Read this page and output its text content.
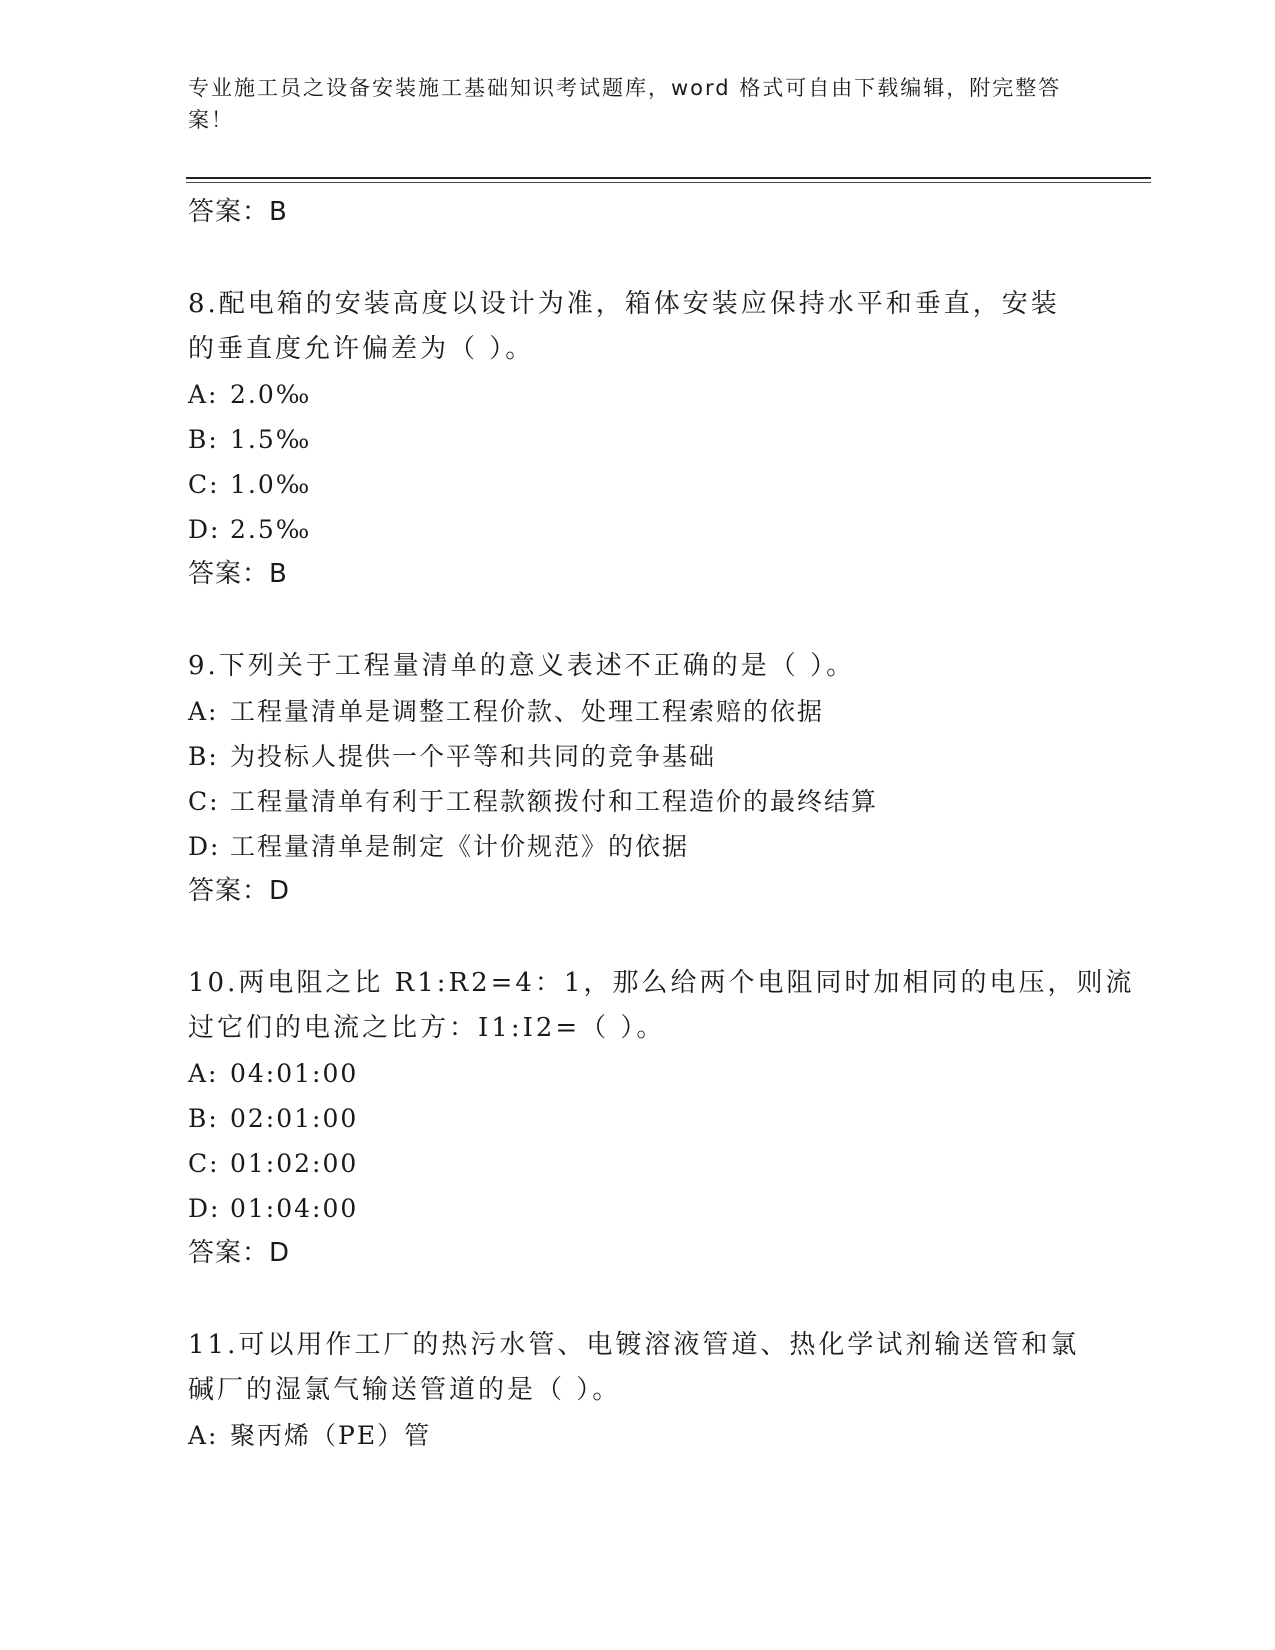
专业施工员之设备安装施工基础知识考试题库，word 格式可自由下载编辑，附完整答案！
答案：B
8.配电箱的安装高度以设计为准，箱体安装应保持水平和垂直，安装
的垂直度允许偏差为（ ）。
A: 2.0‰
B: 1.5‰
C: 1.0‰
D: 2.5‰
答案：B
9.下列关于工程量清单的意义表述不正确的是（ ）。
A: 工程量清单是调整工程价款、处理工程索赔的依据
B: 为投标人提供一个平等和共同的竞争基础
C: 工程量清单有利于工程款额拨付和工程造价的最终结算
D: 工程量清单是制定《计价规范》的依据
答案：D
10.两电阻之比 R1:R2=4：1，那么给两个电阻同时加相同的电压，则流
过它们的电流之比方：I1:I2=（ ）。
A: 04:01:00
B: 02:01:00
C: 01:02:00
D: 01:04:00
答案：D
11.可以用作工厂的热污水管、电镀溶液管道、热化学试剂输送管和氯
碱厂的湿氯气输送管道的是（ ）。
A: 聚丙烯（PE）管
